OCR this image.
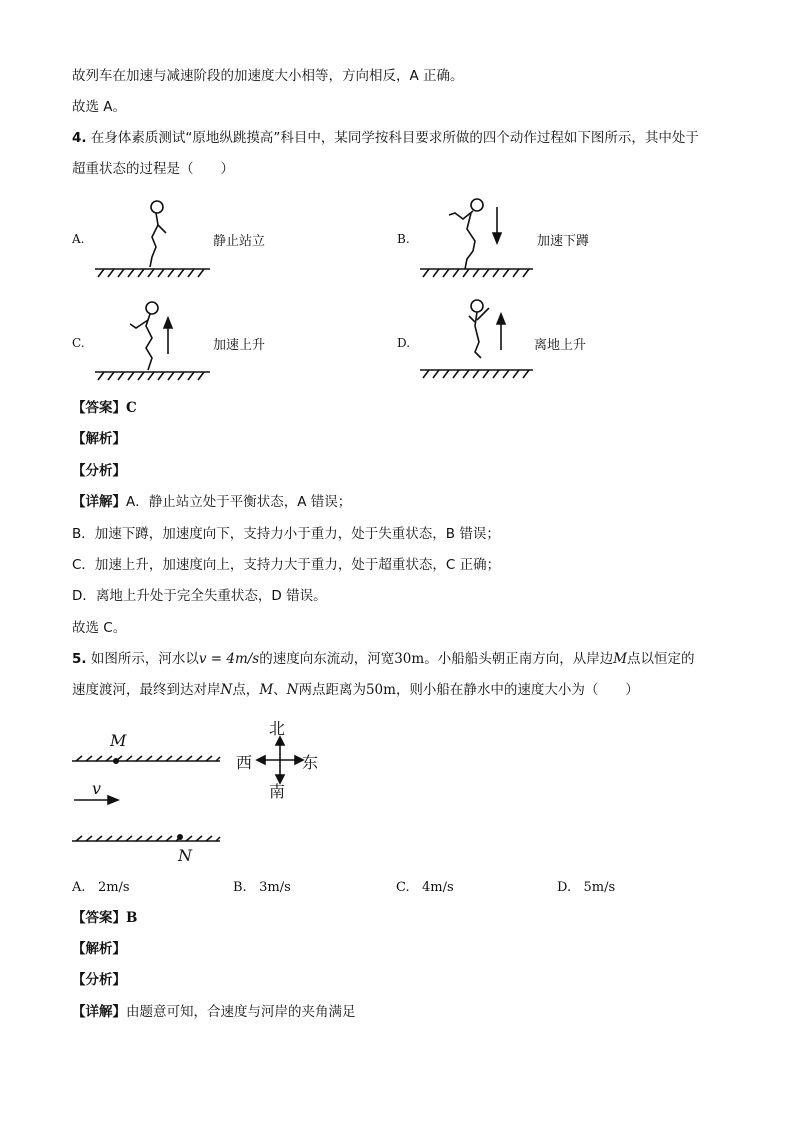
故列车在加速与减速阶段的加速度大小相等，方向相反，A 正确。
故选 A。
4. 在身体素质测试“原地纵跳摸高”科目中，某同学按科目要求所做的四个动作过程如下图所示，其中处于
超重状态的过程是（　　）
A.	静止站立	B.	加速下蹲
C.	加速上升	D.	离地上升
【答案】C
【解析】
【分析】
【详解】A．静止站立处于平衡状态，A 错误；
B．加速下蹲，加速度向下，支持力小于重力，处于失重状态，B 错误；
C．加速上升，加速度向上，支持力大于重力，处于超重状态，C 正确；
D．离地上升处于完全失重状态，D 错误。
故选 C。
5. 如图所示，河水以v = 4m/s的速度向东流动，河宽30m。小船船头朝正南方向，从岸边M点以恒定的
速度渡河，最终到达对岸N点，M、N两点距离为50m，则小船在静水中的速度大小为（　　）
M
v
N
北
南
西	东
A. 2m/s	B. 3m/s	C. 4m/s	D. 5m/s
【答案】B
【解析】
【分析】
【详解】由题意可知，合速度与河岸的夹角满足
